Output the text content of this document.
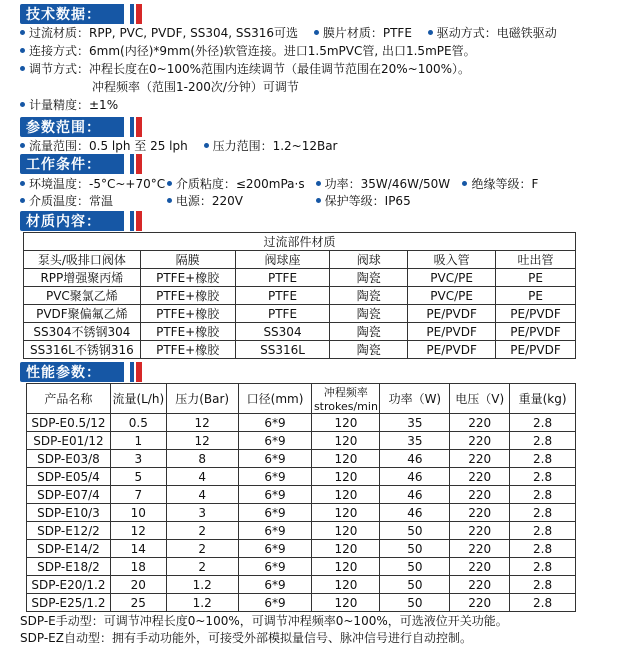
技术数据：
参数范围：
工作条件：
材质内容：
性能参数：
过流材质：RPP, PVC, PVDF, SS304, SS316可选 膜片材质：PTFE 驱动方式：电磁铁驱动
连接方式：6mm(内径)*9mm(外径)软管连接。进口1.5mPVC管, 出口1.5mPE管。
调节方式：冲程长度在0~100%范围内连续调节（最佳调节范围在20%~100%）。
冲程频率（范围1-200次/分钟）可调节
计量精度：±1%
流量范围：0.5 lph 至 25 lph 压力范围：1.2~12Bar
环境温度：-5°C~+70°C 介质粘度：≤200mPa·s 功率：35W/46W/50W 绝缘等级：F
介质温度：常温	电源：220V	保护等级：IP65
过流部件材质					
泵头/吸排口阀体	隔膜	阀球座	阀球	吸入管	吐出管
RPP增强聚丙烯	PTFE+橡胶	PTFE	陶瓷	PVC/PE	PE
PVC聚氯乙烯	PTFE+橡胶	PTFE	陶瓷	PVC/PE	PE
PVDF聚偏氟乙烯	PTFE+橡胶	PTFE	陶瓷	PE/PVDF	PE/PVDF
SS304不锈钢304	PTFE+橡胶	SS304	陶瓷	PE/PVDF	PE/PVDF
SS316L不锈钢316	PTFE+橡胶	SS316L	陶瓷	PE/PVDF	PE/PVDF
产品名称	流量(L/h)	压力(Bar)	口径(mm)	冲程频率 strokes/min	功率（W)	电压（V)	重量(kg)
SDP-E0.5/12	0.5	12	6*9	120	35	220	2.8
SDP-E01/12	1	12	6*9	120	35	220	2.8
SDP-E03/8	3	8	6*9	120	46	220	2.8
SDP-E05/4	5	4	6*9	120	46	220	2.8
SDP-E07/4	7	4	6*9	120	46	220	2.8
SDP-E10/3	10	3	6*9	120	46	220	2.8
SDP-E12/2	12	2	6*9	120	50	220	2.8
SDP-E14/2	14	2	6*9	120	50	220	2.8
SDP-E18/2	18	2	6*9	120	50	220	2.8
SDP-E20/1.2	20	1.2	6*9	120	50	220	2.8
SDP-E25/1.2	25	1.2	6*9	120	50	220	2.8
SDP-E手动型：可调节冲程长度0~100%，可调节冲程频率0~100%，可选液位开关功能。
SDP-EZ自动型：拥有手动功能外，可接受外部模拟量信号、脉冲信号进行自动控制。
